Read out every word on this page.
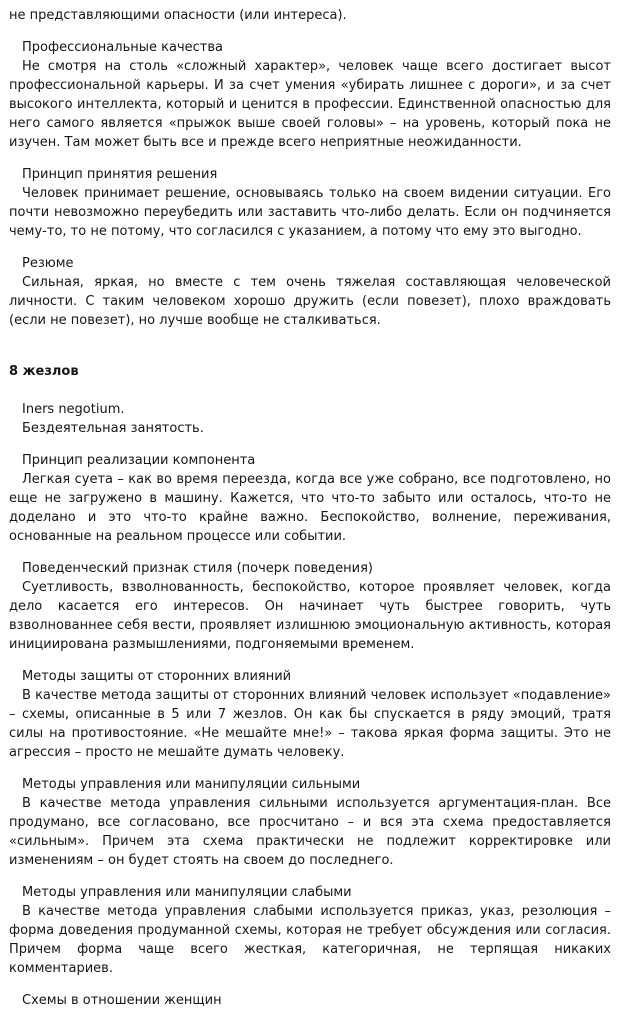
не представляющими опасности (или интереса).

Профессиональные качества

Не смотря на столь «сложный характер», человек чаще всего достигает высот профессиональной карьеры. И за счет умения «убирать лишнее с дороги», и за счет высокого интеллекта, который и ценится в профессии. Единственной опасностью для него самого является «прыжок выше своей головы» – на уровень, который пока не изучен. Там может быть все и прежде всего неприятные неожиданности.

Принцип принятия решения

Человек принимает решение, основываясь только на своем видении ситуации. Его почти невозможно переубедить или заставить что-либо делать. Если он подчиняется чему-то, то не потому, что согласился с указанием, а потому что ему это выгодно.

Резюме

Сильная, яркая, но вместе с тем очень тяжелая составляющая человеческой личности. С таким человеком хорошо дружить (если повезет), плохо враждовать (если не повезет), но лучше вообще не сталкиваться.

8 жезлов

Iners negotium.

Бездеятельная занятость.

Принцип реализации компонента

Легкая суета – как во время переезда, когда все уже собрано, все подготовлено, но еще не загружено в машину. Кажется, что что-то забыто или осталось, что-то не доделано и это что-то крайне важно. Беспокойство, волнение, переживания, основанные на реальном процессе или событии.

Поведенческий признак стиля (почерк поведения)

Суетливость, взволнованность, беспокойство, которое проявляет человек, когда дело касается его интересов. Он начинает чуть быстрее говорить, чуть взволнованнее себя вести, проявляет излишнюю эмоциональную активность, которая инициирована размышлениями, подгоняемыми временем.

Методы защиты от сторонних влияний

В качестве метода защиты от сторонних влияний человек использует «подавление» – схемы, описанные в 5 или 7 жезлов. Он как бы спускается в ряду эмоций, тратя силы на противостояние. «Не мешайте мне!» – такова яркая форма защиты. Это не агрессия – просто не мешайте думать человеку.

Методы управления или манипуляции сильными

В качестве метода управления сильными используется аргументация-план. Все продумано, все согласовано, все просчитано – и вся эта схема предоставляется «сильным». Причем эта схема практически не подлежит корректировке или изменениям – он будет стоять на своем до последнего.

Методы управления или манипуляции слабыми

В качестве метода управления слабыми используется приказ, указ, резолюция – форма доведения продуманной схемы, которая не требует обсуждения или согласия. Причем форма чаще всего жесткая, категоричная, не терпящая никаких комментариев.

Схемы в отношении женщин
